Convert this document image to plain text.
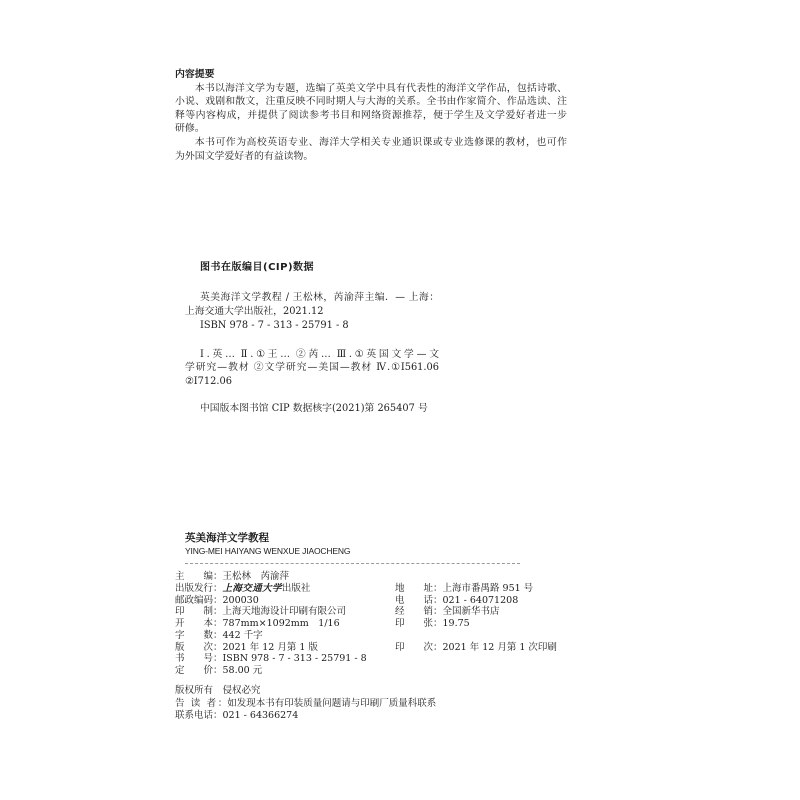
内容提要
本书以海洋文学为专题，选编了英美文学中具有代表性的海洋文学作品，包括诗歌、
小说、戏剧和散文，注重反映不同时期人与大海的关系。全书由作家简介、作品选读、注
释等内容构成，并提供了阅读参考书目和网络资源推荐，便于学生及文学爱好者进一步
研修。
本书可作为高校英语专业、海洋大学相关专业通识课或专业选修课的教材，也可作
为外国文学爱好者的有益读物。
图书在版编目(CIP)数据
英美海洋文学教程 / 王松林，芮渝萍主编．— 上海：
上海交通大学出版社，2021.12
ISBN 978 - 7 - 313 - 25791 - 8
Ⅰ.英… Ⅱ.①王… ②芮… Ⅲ.①英国文学—文
学研究—教材 ②文学研究—美国—教材 Ⅳ.①I561.06
②I712.06
中国版本图书馆 CIP 数据核字(2021)第 265407 号
英美海洋文学教程
YING-MEI HAIYANG WENXUE JIAOCHENG
主　　编：王松林　芮渝萍
出版发行：上海交通大学出版社	地　　址：上海市番禺路 951 号
邮政编码：200030	电　　话：021 - 64071208
印　　制：上海天地海设计印刷有限公司	经　　销：全国新华书店
开　　本：787mm×1092mm　1/16	印　　张：19.75
字　　数：442 千字
版　　次：2021 年 12 月第 1 版	印　　次：2021 年 12 月第 1 次印刷
书　　号：ISBN 978 - 7 - 313 - 25791 - 8
定　　价：58.00 元
版权所有　侵权必究
告 读 者：如发现本书有印装质量问题请与印刷厂质量科联系
联系电话：021 - 64366274
